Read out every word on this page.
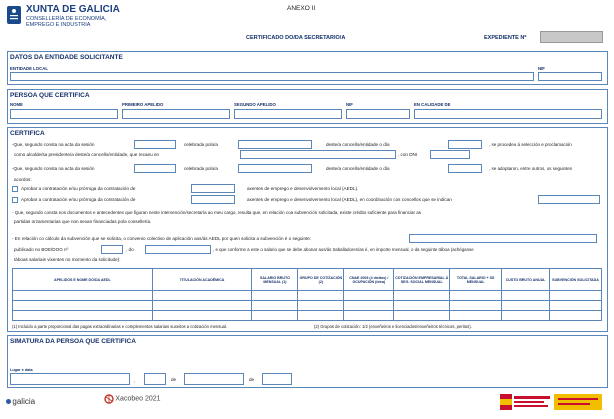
XUNTA DE GALICIA
CONSELLERÍA DE ECONOMÍA,
EMPREGO E INDUSTRIA
ANEXO II
CERTIFICADO DO/DA SECRETARIO/A	EXPEDIENTE Nº
DATOS DA ENTIDADE SOLICITANTE
ENTIDADE LOCAL	NIF
PERSOA QUE CERTIFICA
NOME	PRIMEIRO APELIDO	SEGUNDO APELIDO	NIF	EN CALIDADE DE
CERTIFICA
-Que, segundo consta na acta da sesión	celebrada polo/a	deste/a concello/entidade o día	, se procedeu á selección e proclamación
como alcalde/sa presidente/a deste/a concello/entidade, que recaeu en	, con DNI
-Que, segundo consta na acta da sesión	celebrada polo/a	deste/a concello/entidade o día	, se adoptaron, entre outros, os seguintes
acordos:
Aprobar a contratación e/ou prórroga da contratación de	axentes de emprego e desenvolvemento local (AEDL).
Aprobar a contratación e/ou prórroga da contratación de	axentes de emprego e desenvolvemento local (AEDL), en coordinación cos concellos que se indican
- Que, segundo consta nos documentos e antecedentes que figuran neste intervención/secretaría ao meu cargo, resulta que, en relación coa subvención solicitada, existe crédito suficiente para financiar as
partidas orzamentarias que non sexan financiadas pola consellería.
- En relación co cálculo da subvención que se solicita, o convenio colectivo de aplicación aos/ás AEDL por quen solicita a subvención é o seguinte:
publicado no BOE/DOG nº	, do	, e que conforme a este o salario que se debe abonar aos/ás traballadores/as é, en importe mensual, o da seguinte táboa (achéganse
táboas salariais vixentes no momento da solicitude):
APELIDOS E NOME DO/DA AEDL	TITULACIÓN ACADÉMICA	SALARIO BRUTO MENSUAL (1)	GRUPO DE COTIZACIÓN (2)	CNAE 2009 (4 díxitos) / OCUPACIÓN (letra)	COTIZACIÓN EMPRESARIAL Á SEG. SOCIAL MENSUAL	TOTAL SALARIO + SS MENSUAL	CUSTO BRUTO ANUAL	SUBVENCIÓN SOLICITADA

(1) Incluído a parte proporcional das pagas extraordinarias e complementos salariais suxeitos a cotización mensual.	(2) Grupos de cotización: 1/2 (enxeñeiros e licenciados/enxeñeiros técnicos, peritos).
SIMATURA DA PERSOA QUE CERTIFICA
Lugar e data
,	de	de
galicia	Xacobeo 2021
